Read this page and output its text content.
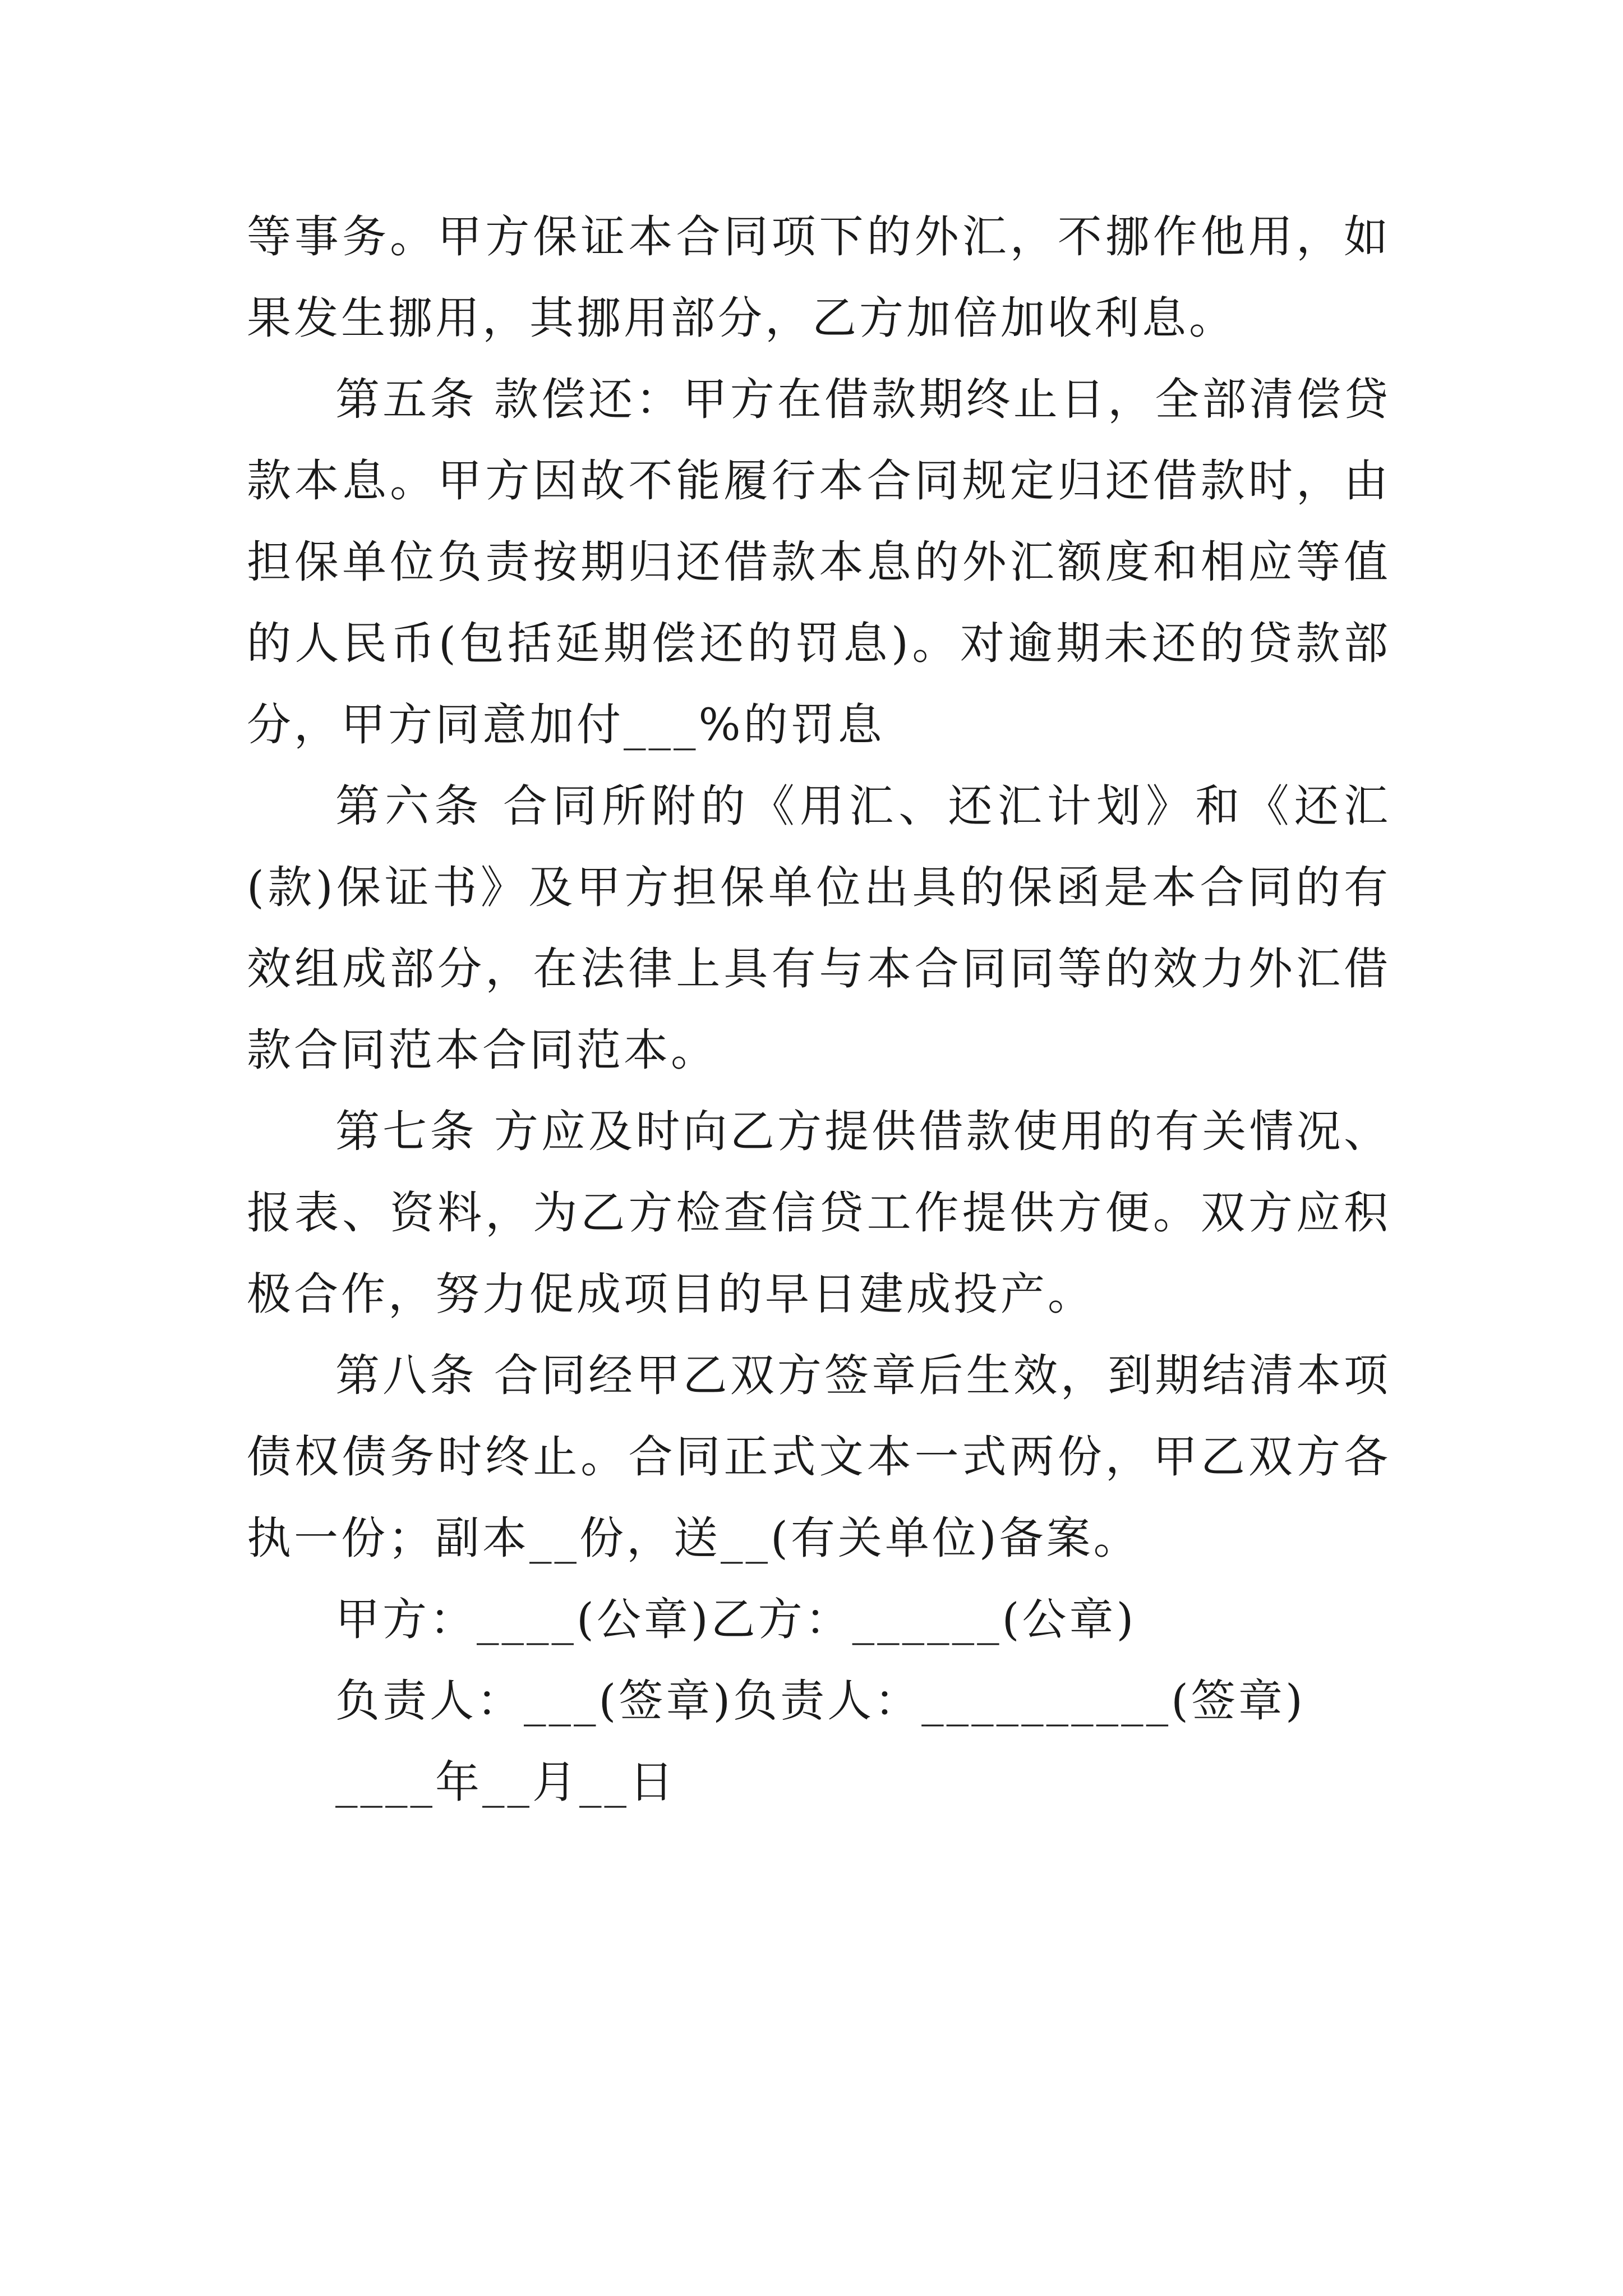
等事务。甲方保证本合同项下的外汇，不挪作他用，如果发生挪用，其挪用部分，乙方加倍加收利息。

第五条 款偿还：甲方在借款期终止日，全部清偿贷款本息。甲方因故不能履行本合同规定归还借款时，由担保单位负责按期归还借款本息的外汇额度和相应等值的人民币(包括延期偿还的罚息)。对逾期未还的贷款部分，甲方同意加付___%的罚息

第六条 合同所附的《用汇、还汇计划》和《还汇(款)保证书》及甲方担保单位出具的保函是本合同的有效组成部分，在法律上具有与本合同同等的效力外汇借款合同范本合同范本。

第七条 方应及时向乙方提供借款使用的有关情况、报表、资料，为乙方检查信贷工作提供方便。双方应积极合作，努力促成项目的早日建成投产。

第八条 合同经甲乙双方签章后生效，到期结清本项债权债务时终止。合同正式文本一式两份，甲乙双方各执一份；副本__份，送__(有关单位)备案。

甲方：____(公章)乙方：______(公章)

负责人：___(签章)负责人：__________(签章)

____年__月__日
